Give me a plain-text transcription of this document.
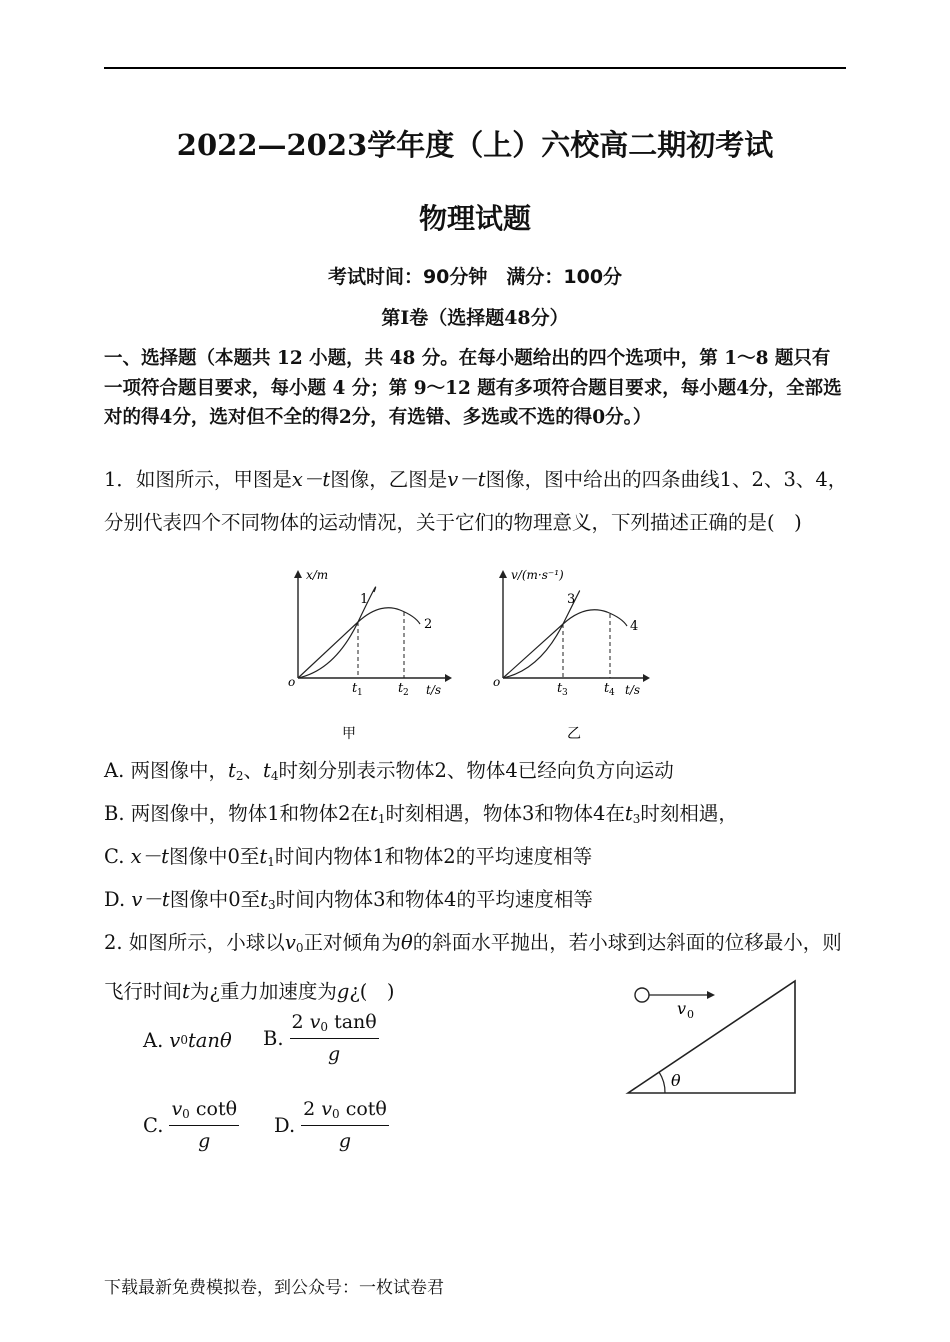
2022—2023学年度（上）六校高二期初考试
物理试题
考试时间：90分钟　满分：100分
第Ⅰ卷（选择题48分）
一、选择题（本题共 12 小题，共 48 分。在每小题给出的四个选项中，第 1～8 题只有一项符合题目要求，每小题 4 分；第 9～12 题有多项符合题目要求，每小题4分，全部选对的得4分，选对但不全的得2分，有选错、多选或不选的得0分。）
1．如图所示，甲图是x－t图像，乙图是v－t图像，图中给出的四条曲线1、2、3、4，分别代表四个不同物体的运动情况，关于它们的物理意义，下列描述正确的是(　)
x/m
t/s
o	t 1	t 2
1
2
甲
v/(m·s⁻¹)
t/s
o	t 3	t 4
3
4
乙
A. 两图像中，$t_2$、$t_4$时刻分别表示物体2、物体4已经向负方向运动
B. 两图像中，物体1和物体2在$t_1$时刻相遇，物体3和物体4在$t_3$时刻相遇，
C. x－t图像中0至$t_1$时间内物体1和物体2的平均速度相等
D. v－t图像中0至$t_3$时间内物体3和物体4的平均速度相等
2. 如图所示，小球以$v_0$正对倾角为θ的斜面水平抛出，若小球到达斜面的位移最小，则飞行时间t为¿重力加速度为g¿(　)
v 0
θ
A. v 0 tanθ B. $\frac{2 v_0 \tan\theta}{g}$
C. $\frac{v_0 \cot\theta}{g} D$. $\frac{2 v_0 \cot\theta}{g}$
下载最新免费模拟卷，到公众号：一枚试卷君
